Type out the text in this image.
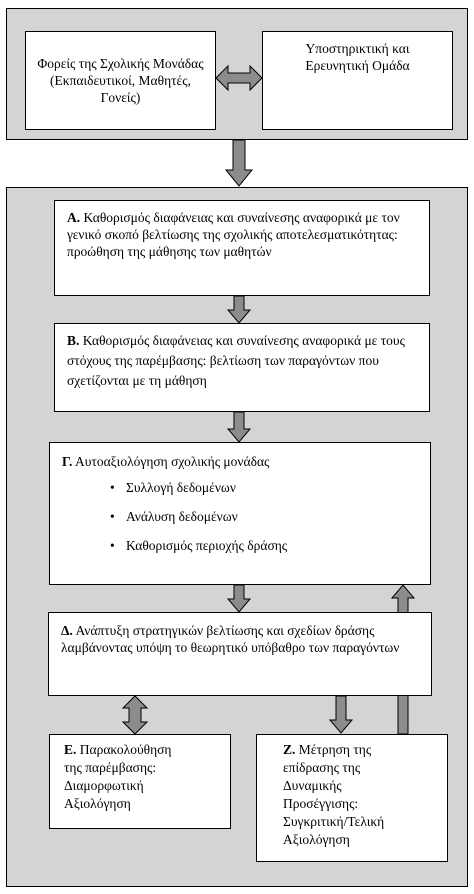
Φορείς της Σχολικής Μονάδας (Εκπαιδευτικοί, Μαθητές, Γονείς)
Υποστηρικτική και Ερευνητική Ομάδα
Α. Καθορισμός διαφάνειας και συναίνεσης αναφορικά με τον γενικό σκοπό βελτίωσης της σχολικής αποτελεσματικότητας: προώθηση της μάθησης των μαθητών
Β. Καθορισμός διαφάνειας και συναίνεσης αναφορικά με τους στόχους της παρέμβασης: βελτίωση των παραγόντων που σχετίζονται με τη μάθηση
Γ. Αυτοαξιολόγηση σχολικής μονάδας
• Συλλογή δεδομένων
• Ανάλυση δεδομένων
• Καθορισμός περιοχής δράσης
Δ. Ανάπτυξη στρατηγικών βελτίωσης και σχεδίων δράσης λαμβάνοντας υπόψη το θεωρητικό υπόβαθρο των παραγόντων
Ε. Παρακολούθηση της παρέμβασης: Διαμορφωτική Αξιολόγηση
Ζ. Μέτρηση της επίδρασης της Δυναμικής Προσέγγισης: Συγκριτική/Τελική Αξιολόγηση
